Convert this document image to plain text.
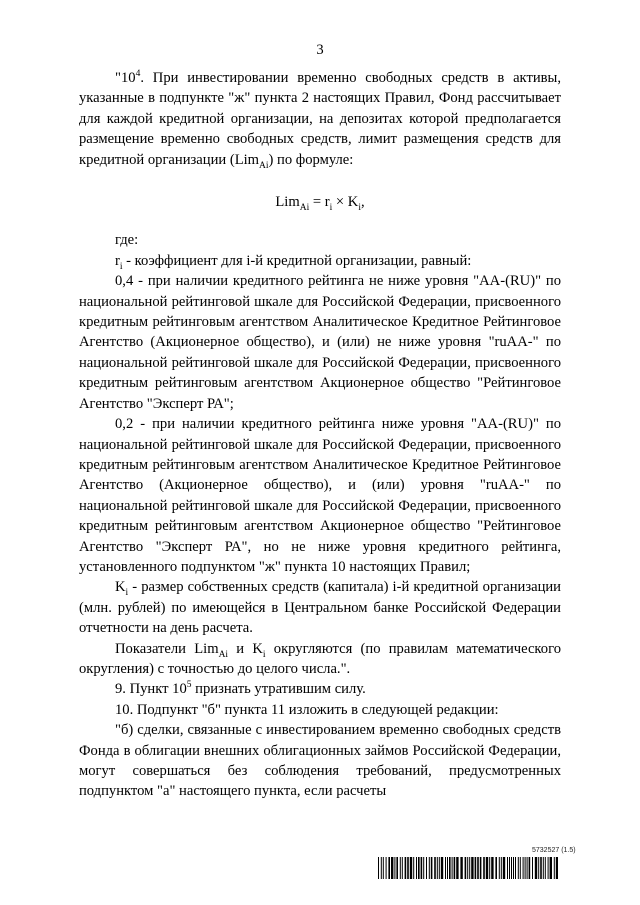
3

"$10^4$. При инвестировании временно свободных средств в активы, указанные в подпункте "ж" пункта 2 настоящих Правил, Фонд рассчитывает для каждой кредитной организации, на депозитах которой предполагается размещение временно свободных средств, лимит размещения средств для кредитной организации (Lim$_{Ai}$) по формуле:

$Lim_{Ai} = r_i \times K_i$,

где:

$r_i$ - коэффициент для i-й кредитной организации, равный:

0,4 - при наличии кредитного рейтинга не ниже уровня "AA-(RU)" по национальной рейтинговой шкале для Российской Федерации, присвоенного кредитным рейтинговым агентством Аналитическое Кредитное Рейтинговое Агентство (Акционерное общество), и (или) не ниже уровня "ruAA-" по национальной рейтинговой шкале для Российской Федерации, присвоенного кредитным рейтинговым агентством Акционерное общество "Рейтинговое Агентство "Эксперт РА";

0,2 - при наличии кредитного рейтинга ниже уровня "AA-(RU)" по национальной рейтинговой шкале для Российской Федерации, присвоенного кредитным рейтинговым агентством Аналитическое Кредитное Рейтинговое Агентство (Акционерное общество), и (или) уровня "ruAA-" по национальной рейтинговой шкале для Российской Федерации, присвоенного кредитным рейтинговым агентством Акционерное общество "Рейтинговое Агентство "Эксперт РА", но не ниже уровня кредитного рейтинга, установленного подпунктом "ж" пункта 10 настоящих Правил;

$K_i$ - размер собственных средств (капитала) i-й кредитной организации (млн. рублей) по имеющейся в Центральном банке Российской Федерации отчетности на день расчета.

Показатели Lim$_{Ai}$ и $K_i$ округляются (по правилам математического округления) с точностью до целого числа.".

9. Пункт $10^5$ признать утратившим силу.

10. Подпункт "б" пункта 11 изложить в следующей редакции:

"б) сделки, связанные с инвестированием временно свободных средств Фонда в облигации внешних облигационных займов Российской Федерации, могут совершаться без соблюдения требований, предусмотренных подпунктом "а" настоящего пункта, если расчеты

5732527 (1.5)
